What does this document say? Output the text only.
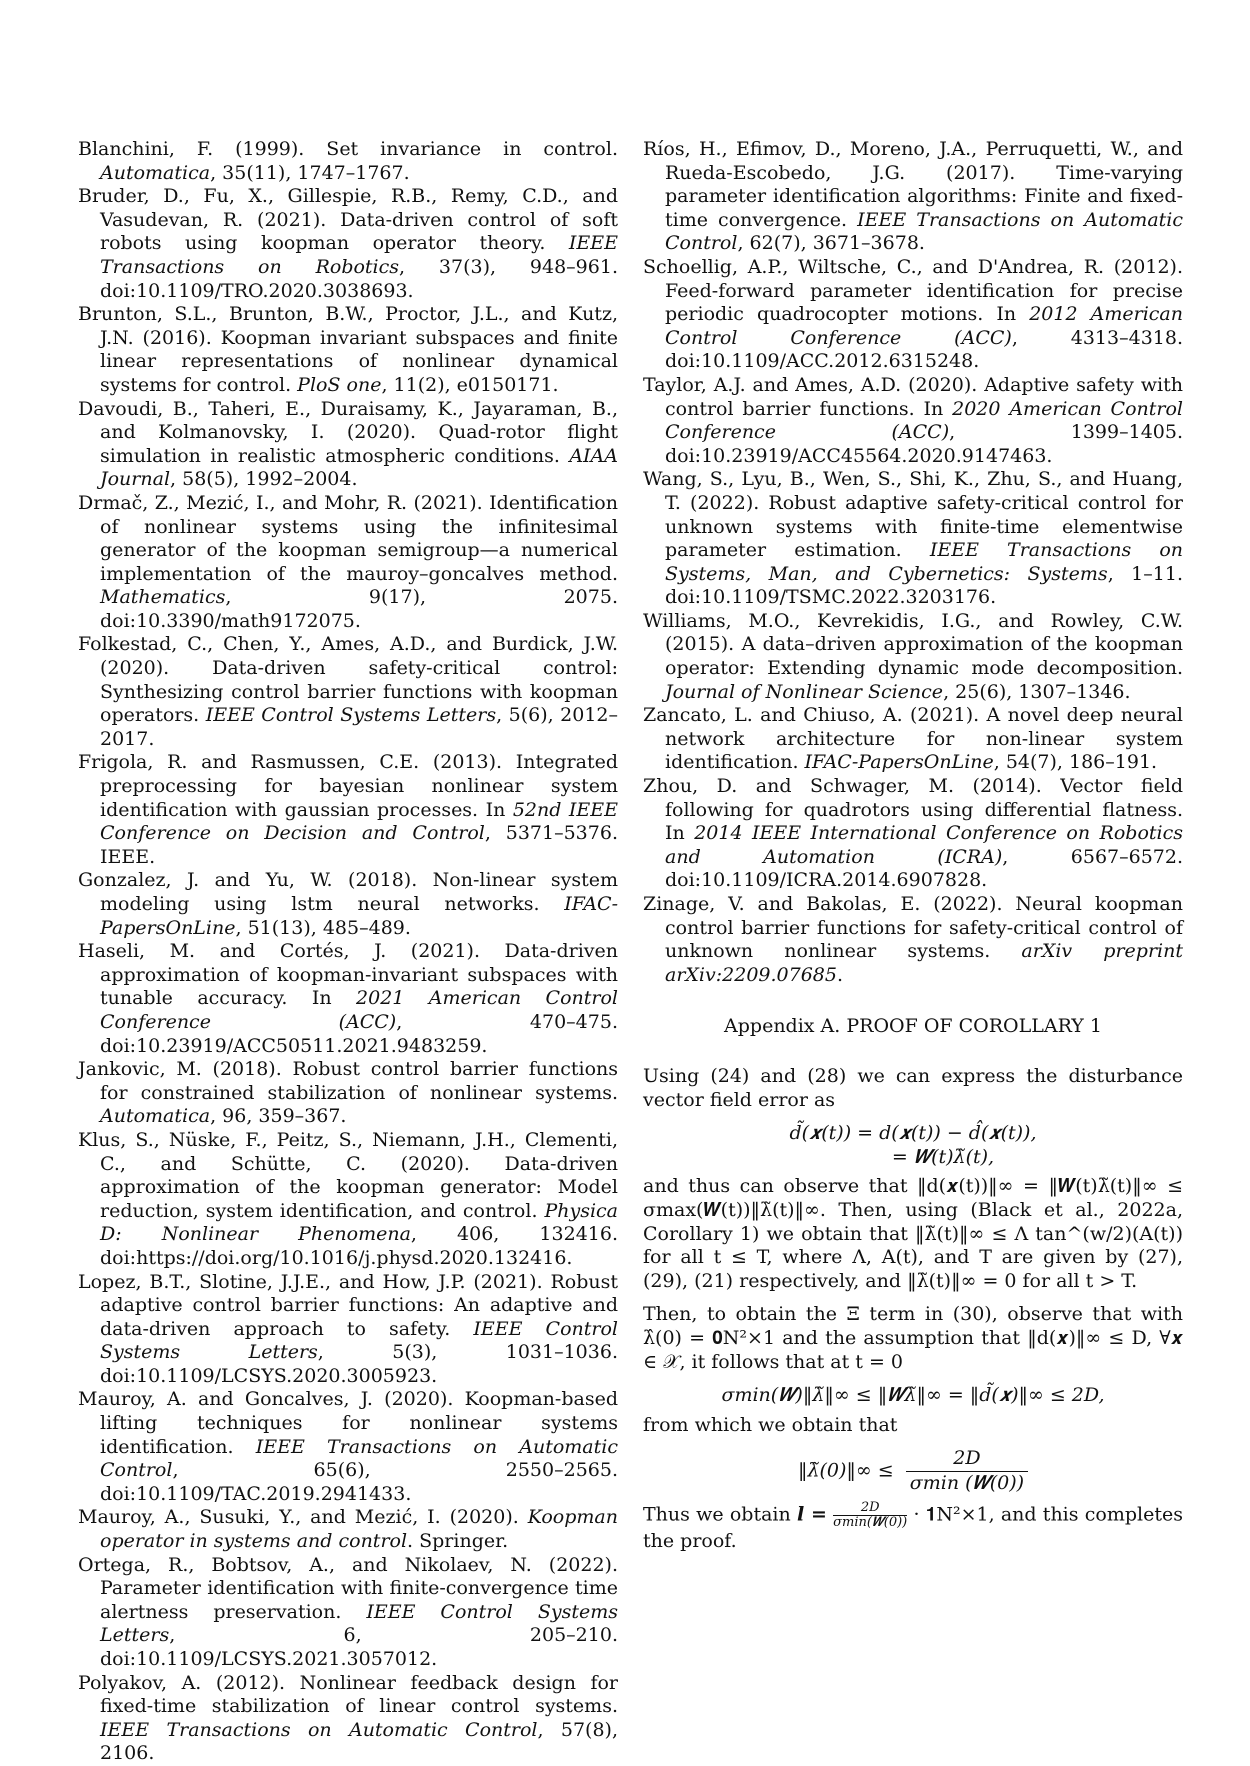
Blanchini, F. (1999). Set invariance in control. Automatica, 35(11), 1747–1767.

Bruder, D., Fu, X., Gillespie, R.B., Remy, C.D., and Vasudevan, R. (2021). Data-driven control of soft robots using koopman operator theory. IEEE Transactions on Robotics, 37(3), 948–961. doi:10.1109/TRO.2020.3038693.

Brunton, S.L., Brunton, B.W., Proctor, J.L., and Kutz, J.N. (2016). Koopman invariant subspaces and finite linear representations of nonlinear dynamical systems for control. PloS one, 11(2), e0150171.

Davoudi, B., Taheri, E., Duraisamy, K., Jayaraman, B., and Kolmanovsky, I. (2020). Quad-rotor flight simulation in realistic atmospheric conditions. AIAA Journal, 58(5), 1992–2004.

Drmač, Z., Mezić, I., and Mohr, R. (2021). Identification of nonlinear systems using the infinitesimal generator of the koopman semigroup—a numerical implementation of the mauroy–goncalves method. Mathematics, 9(17), 2075. doi:10.3390/math9172075.

Folkestad, C., Chen, Y., Ames, A.D., and Burdick, J.W. (2020). Data-driven safety-critical control: Synthesizing control barrier functions with koopman operators. IEEE Control Systems Letters, 5(6), 2012–2017.

Frigola, R. and Rasmussen, C.E. (2013). Integrated preprocessing for bayesian nonlinear system identification with gaussian processes. In 52nd IEEE Conference on Decision and Control, 5371–5376. IEEE.

Gonzalez, J. and Yu, W. (2018). Non-linear system modeling using lstm neural networks. IFAC-PapersOnLine, 51(13), 485–489.

Haseli, M. and Cortés, J. (2021). Data-driven approximation of koopman-invariant subspaces with tunable accuracy. In 2021 American Control Conference (ACC), 470–475. doi:10.23919/ACC50511.2021.9483259.

Jankovic, M. (2018). Robust control barrier functions for constrained stabilization of nonlinear systems. Automatica, 96, 359–367.

Klus, S., Nüske, F., Peitz, S., Niemann, J.H., Clementi, C., and Schütte, C. (2020). Data-driven approximation of the koopman generator: Model reduction, system identification, and control. Physica D: Nonlinear Phenomena, 406, 132416. doi:https://doi.org/10.1016/j.physd.2020.132416.

Lopez, B.T., Slotine, J.J.E., and How, J.P. (2021). Robust adaptive control barrier functions: An adaptive and data-driven approach to safety. IEEE Control Systems Letters, 5(3), 1031–1036. doi:10.1109/LCSYS.2020.3005923.

Mauroy, A. and Goncalves, J. (2020). Koopman-based lifting techniques for nonlinear systems identification. IEEE Transactions on Automatic Control, 65(6), 2550–2565. doi:10.1109/TAC.2019.2941433.

Mauroy, A., Susuki, Y., and Mezić, I. (2020). Koopman operator in systems and control. Springer.

Ortega, R., Bobtsov, A., and Nikolaev, N. (2022). Parameter identification with finite-convergence time alertness preservation. IEEE Control Systems Letters, 6, 205–210. doi:10.1109/LCSYS.2021.3057012.

Polyakov, A. (2012). Nonlinear feedback design for fixed-time stabilization of linear control systems. IEEE Transactions on Automatic Control, 57(8), 2106.

Ríos, H., Efimov, D., Moreno, J.A., Perruquetti, W., and Rueda-Escobedo, J.G. (2017). Time-varying parameter identification algorithms: Finite and fixed-time convergence. IEEE Transactions on Automatic Control, 62(7), 3671–3678.

Schoellig, A.P., Wiltsche, C., and D'Andrea, R. (2012). Feed-forward parameter identification for precise periodic quadrocopter motions. In 2012 American Control Conference (ACC), 4313–4318. doi:10.1109/ACC.2012.6315248.

Taylor, A.J. and Ames, A.D. (2020). Adaptive safety with control barrier functions. In 2020 American Control Conference (ACC), 1399–1405. doi:10.23919/ACC45564.2020.9147463.

Wang, S., Lyu, B., Wen, S., Shi, K., Zhu, S., and Huang, T. (2022). Robust adaptive safety-critical control for unknown systems with finite-time elementwise parameter estimation. IEEE Transactions on Systems, Man, and Cybernetics: Systems, 1–11. doi:10.1109/TSMC.2022.3203176.

Williams, M.O., Kevrekidis, I.G., and Rowley, C.W. (2015). A data–driven approximation of the koopman operator: Extending dynamic mode decomposition. Journal of Nonlinear Science, 25(6), 1307–1346.

Zancato, L. and Chiuso, A. (2021). A novel deep neural network architecture for non-linear system identification. IFAC-PapersOnLine, 54(7), 186–191.

Zhou, D. and Schwager, M. (2014). Vector field following for quadrotors using differential flatness. In 2014 IEEE International Conference on Robotics and Automation (ICRA), 6567–6572. doi:10.1109/ICRA.2014.6907828.

Zinage, V. and Bakolas, E. (2022). Neural koopman control barrier functions for safety-critical control of unknown nonlinear systems. arXiv preprint arXiv:2209.07685.

Appendix A. PROOF OF COROLLARY 1

Using (24) and (28) we can express the disturbance vector field error as

d̃(𝒙(t)) = d(𝒙(t)) − d̂(𝒙(t)),
= 𝑾(t)λ̃(t),

and thus can observe that ‖d(𝒙(t))‖∞ = ‖𝑾(t)λ̃(t)‖∞ ≤ σmax(𝑾(t))‖λ̃(t)‖∞. Then, using (Black et al., 2022a, Corollary 1) we obtain that ‖λ̃(t)‖∞ ≤ Λ tan^(w/2)(A(t)) for all t ≤ T, where Λ, A(t), and T are given by (27), (29), (21) respectively, and ‖λ̃(t)‖∞ = 0 for all t > T.

Then, to obtain the Ξ term in (30), observe that with λ̂(0) = 𝟎N²×1 and the assumption that ‖d(𝒙)‖∞ ≤ D, ∀𝒙 ∈ 𝒳, it follows that at t = 0

σmin(𝑾)‖λ̃‖∞ ≤ ‖𝑾λ̃‖∞ = ‖d̃(𝒙)‖∞ ≤ 2D,

from which we obtain that

‖λ̃(0)‖∞ ≤
2D
σmin (𝑾(0))

Thus we obtain 𝒍 =	2D
σmin(𝑾(0)) · 𝟏N²×1, and this completes the proof.
